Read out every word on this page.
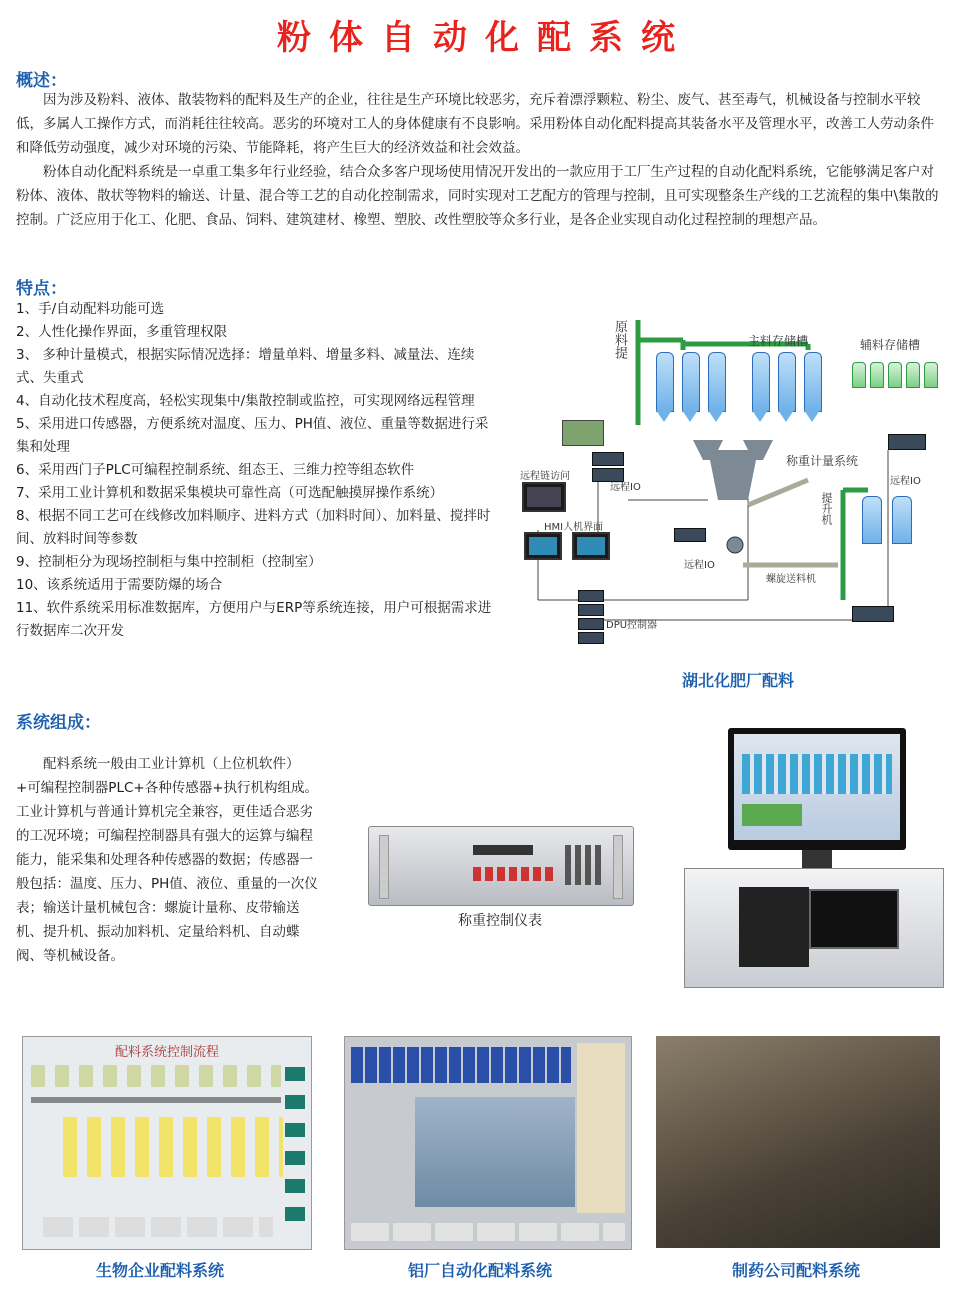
粉体自动化配系统
概述：

因为涉及粉料、液体、散装物料的配料及生产的企业，往往是生产环境比较恶劣，充斥着漂浮颗粒、粉尘、废气、甚至毒气，机械设备与控制水平较低，多属人工操作方式，而消耗往往较高。恶劣的环境对工人的身体健康有不良影响。采用粉体自动化配料提高其装备水平及管理水平，改善工人劳动条件和降低劳动强度，减少对环境的污染、节能降耗，将产生巨大的经济效益和社会效益。

粉体自动化配料系统是一卓重工集多年行业经验，结合众多客户现场使用情况开发出的一款应用于工厂生产过程的自动化配料系统，它能够满足客户对粉体、液体、散状等物料的输送、计量、混合等工艺的自动化控制需求，同时实现对工艺配方的管理与控制，且可实现整条生产线的工艺流程的集中\集散的控制。广泛应用于化工、化肥、食品、饲料、建筑建材、橡塑、塑胶、改性塑胶等众多行业，是各企业实现自动化过程控制的理想产品。

特点：
1、手/自动配料功能可选
2、人性化操作界面，多重管理权限
3、 多种计量模式，根据实际情况选择：增量单料、增量多料、减量法、连续式、失重式
4、自动化技术程度高，轻松实现集中/集散控制或监控，可实现网络远程管理
5、采用进口传感器，方便系统对温度、压力、PH值、液位、重量等数据进行采集和处理
6、采用西门子PLC可编程控制系统、组态王、三维力控等组态软件
7、采用工业计算机和数据采集模块可靠性高（可选配触摸屏操作系统）
8、根据不同工艺可在线修改加料顺序、进料方式（加料时间）、加料量、搅拌时间、放料时间等参数
9、控制柜分为现场控制柜与集中控制柜（控制室）
10、该系统适用于需要防爆的场合
11、软件系统采用标准数据库，方便用户与ERP等系统连接，用户可根据需求进行数据库二次开发
原料提	主料存储槽	辅料存储槽
远程链访问
远程IO
称重计量系统
远程IO
HMI人机界面
提升机
远程IO
螺旋送料机
DPU控制器
湖北化肥厂配料
系统组成：

配料系统一般由工业计算机（上位机软件）+可编程控制器PLC+各种传感器+执行机构组成。工业计算机与普通计算机完全兼容，更佳适合恶劣的工况环境；可编程控制器具有强大的运算与编程能力，能采集和处理各种传感器的数据；传感器一般包括：温度、压力、PH值、液位、重量的一次仪表；输送计量机械包含：螺旋计量称、皮带输送机、提升机、振动加料机、定量给料机、自动蝶阀、等机械设备。

称重控制仪表
配料系统控制流程
生物企业配料系统	铝厂自动化配料系统	制药公司配料系统
